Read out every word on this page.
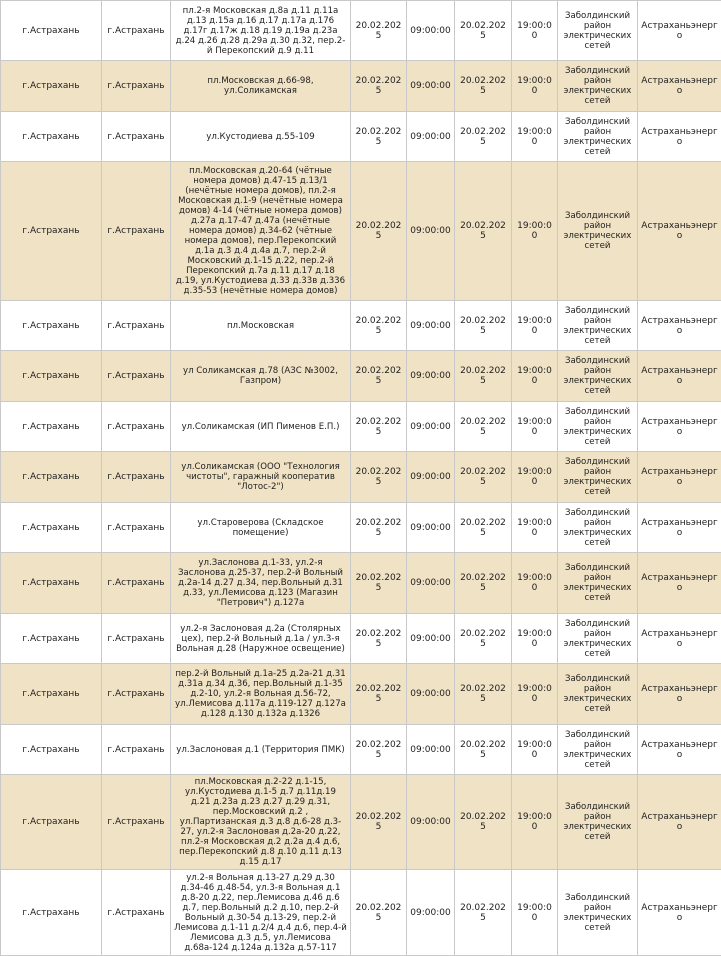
г.Астрахань	г.Астрахань	пл.2-я Московская д.8а д.11 д.11а д.13 д.15а д.16 д.17 д.17а д.176 д.17г д.17ж д.18 д.19 д.19а д.23а д.24 д.26 д.28 д.29а д.30 д.32, пер.2-й Перекопский д.9 д.11	20.02.2025	09:00:00	20.02.2025	19:00:00	Заболдинский район электрических сетей	Астраханьэнерго
г.Астрахань	г.Астрахань	пл.Московская д.66-98, ул.Соликамская	20.02.2025	09:00:00	20.02.2025	19:00:00	Заболдинский район электрических сетей	Астраханьэнерго
г.Астрахань	г.Астрахань	ул.Кустодиева д.55-109	20.02.2025	09:00:00	20.02.2025	19:00:00	Заболдинский район электрических сетей	Астраханьэнерго
г.Астрахань	г.Астрахань	пл.Московская д.20-64 (чётные номера домов) д.47-15 д.13/1 (нечётные номера домов), пл.2-я Московская д.1-9 (нечётные номера домов) 4-14 (чётные номера домов) д.27а д.17-47 д.47а (нечётные номера домов) д.34-62 (чётные номера домов), пер.Перекопский д.1а д.3 д.4 д.4а д.7, пер.2-й Московский д.1-15 д.22, пер.2-й Перекопский д.7а д.11 д.17 д.18 д.19, ул.Кустодиева д.33 д.33в д.336 д.35-53 (нечётные номера домов)	20.02.2025	09:00:00	20.02.2025	19:00:00	Заболдинский район электрических сетей	Астраханьэнерго
г.Астрахань	г.Астрахань	пл.Московская	20.02.2025	09:00:00	20.02.2025	19:00:00	Заболдинский район электрических сетей	Астраханьэнерго
г.Астрахань	г.Астрахань	ул Соликамская д.78 (АЗС №3002, Газпром)	20.02.2025	09:00:00	20.02.2025	19:00:00	Заболдинский район электрических сетей	Астраханьэнерго
г.Астрахань	г.Астрахань	ул.Соликамская (ИП Пименов Е.П.)	20.02.2025	09:00:00	20.02.2025	19:00:00	Заболдинский район электрических сетей	Астраханьэнерго
г.Астрахань	г.Астрахань	ул.Соликамская (ООО "Технология чистоты", гаражный кооператив "Лотос-2")	20.02.2025	09:00:00	20.02.2025	19:00:00	Заболдинский район электрических сетей	Астраханьэнерго
г.Астрахань	г.Астрахань	ул.Староверова (Складское помещение)	20.02.2025	09:00:00	20.02.2025	19:00:00	Заболдинский район электрических сетей	Астраханьэнерго
г.Астрахань	г.Астрахань	ул.Заслонова д.1-33, ул.2-я Заслонова д.25-37, пер.2-й Вольный д.2а-14 д.27 д.34, пер.Вольный д.31 д.33, ул.Лемисова д.123 (Магазин "Петрович") д.127а	20.02.2025	09:00:00	20.02.2025	19:00:00	Заболдинский район электрических сетей	Астраханьэнерго
г.Астрахань	г.Астрахань	ул.2-я Заслоновая д.2а (Столярных цех), пер.2-й Вольный д.1а / ул.3-я Вольная д.28 (Наружное освещение)	20.02.2025	09:00:00	20.02.2025	19:00:00	Заболдинский район электрических сетей	Астраханьэнерго
г.Астрахань	г.Астрахань	пер.2-й Вольный д.1а-25 д.2а-21 д.31 д.31а д.34 д.36, пер.Вольный д.1-35 д.2-10, ул.2-я Вольная д.56-72, ул.Лемисова д.117а д.119-127 д.127а д.128 д.130 д.132а д.1326	20.02.2025	09:00:00	20.02.2025	19:00:00	Заболдинский район электрических сетей	Астраханьэнерго
г.Астрахань	г.Астрахань	ул.Заслоновая д.1 (Территория ПМК)	20.02.2025	09:00:00	20.02.2025	19:00:00	Заболдинский район электрических сетей	Астраханьэнерго
г.Астрахань	г.Астрахань	пл.Московская д.2-22 д.1-15, ул.Кустодиева д.1-5 д.7 д.11д.19 д.21 д.23а д.23 д.27 д.29 д.31, пер.Московский д.2 , ул.Партизанская д.3 д.8 д.6-28 д.3-27, ул.2-я Заслоновая д.2а-20 д.22, пл.2-я Московская д.2 д.2а д.4 д.6, пер.Перекопский д.8 д.10 д.11 д.13 д.15 д.17	20.02.2025	09:00:00	20.02.2025	19:00:00	Заболдинский район электрических сетей	Астраханьэнерго
г.Астрахань	г.Астрахань	ул.2-я Вольная д.13-27 д.29 д.30 д.34-46 д.48-54, ул.3-я Вольная д.1 д.8-20 д.22, пер.Лемисова д.46 д.6 д.7, пер.Вольный д.2 д.10, пер.2-й Вольный д.30-54 д.13-29, пер.2-й Лемисова д.1-11 д.2/4 д.4 д.6, пер.4-й Лемисова д.3 д.5, ул.Лемисова д.68а-124 д.124а д.132а д.57-117	20.02.2025	09:00:00	20.02.2025	19:00:00	Заболдинский район электрических сетей	Астраханьэнерго
